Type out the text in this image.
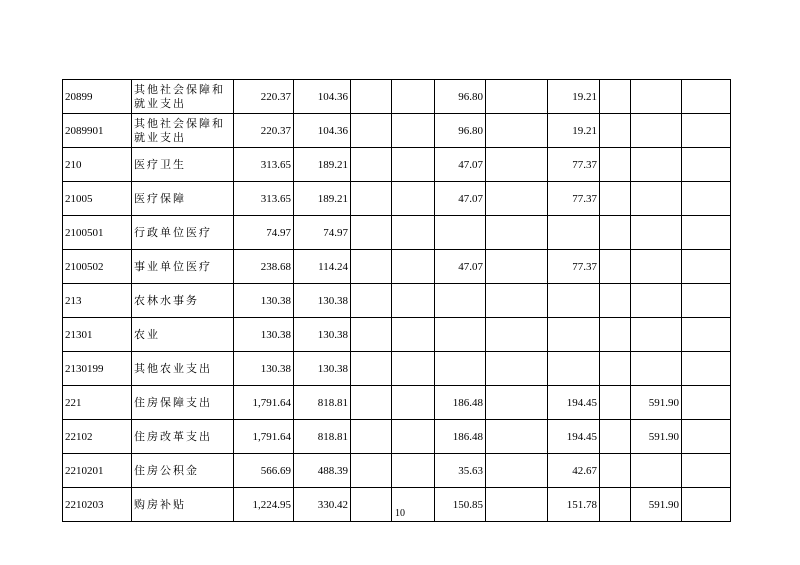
20899	其他社会保障和就业支出	220.37	104.36			96.80		19.21			
2089901	其他社会保障和就业支出	220.37	104.36			96.80		19.21			
210	医疗卫生	313.65	189.21			47.07		77.37			
21005	医疗保障	313.65	189.21			47.07		77.37			
2100501	行政单位医疗	74.97	74.97								
2100502	事业单位医疗	238.68	114.24			47.07		77.37			
213	农林水事务	130.38	130.38								
21301	农业	130.38	130.38								
2130199	其他农业支出	130.38	130.38								
221	住房保障支出	1,791.64	818.81			186.48		194.45		591.90	
22102	住房改革支出	1,791.64	818.81			186.48		194.45		591.90	
2210201	住房公积金	566.69	488.39			35.63		42.67			
2210203	购房补贴	1,224.95	330.42			150.85		151.78		591.90	
10
